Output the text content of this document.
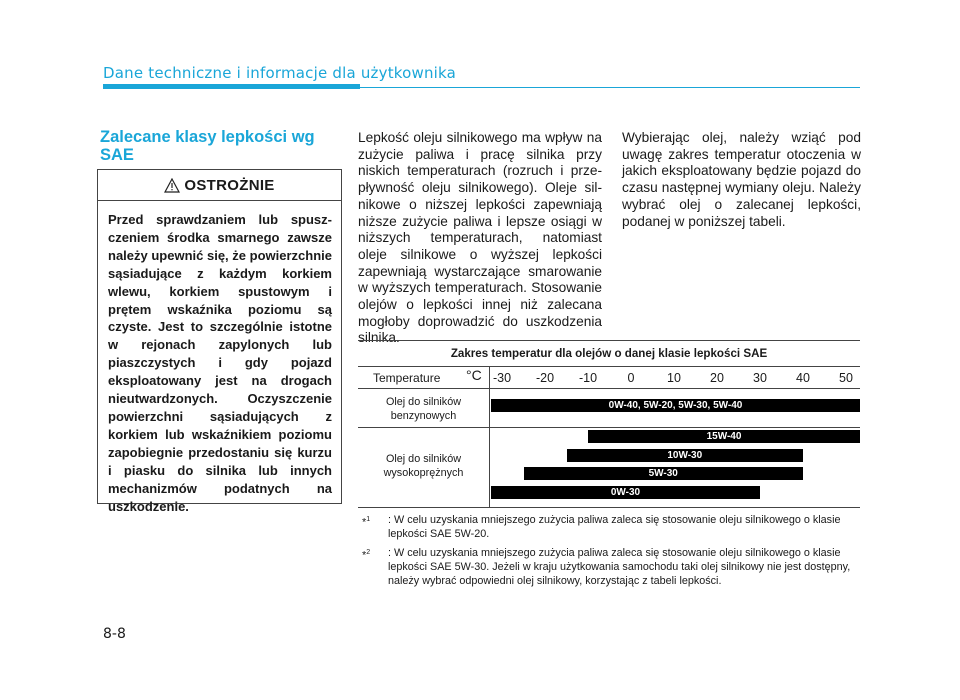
Dane techniczne i informacje dla użytkownika
Zalecane klasy lepkości wg SAE
OSTROŻNIE
Przed sprawdzaniem lub spuszczeniem środka smarnego zawsze należy upewnić się, że powierzchnie sąsiadujące z każdym korkiem wlewu, korkiem spustowym i prętem wskaźnika poziomu są czyste. Jest to szczególnie istotne w rejonach zapylonych lub piaszczystych i gdy pojazd eksploatowany jest na drogach nieutwardzonych. Oczyszczenie powierzchni sąsiadujących z korkiem lub wskaźnikiem poziomu zapobiegnie przedostaniu się kurzu i piasku do silnika lub innych mechanizmów podatnych na uszkodzenie.
Lepkość oleju silnikowego ma wpływ na zużycie paliwa i pracę silnika przy niskich temperaturach (rozruch i przepływność oleju silnikowego). Oleje silnikowe o niższej lepkości zapewniają niższe zużycie paliwa i lepsze osiągi w niższych temperaturach, natomiast oleje silnikowe o wyższej lepkości zapewniają wystarczające smarowanie w wyższych temperaturach. Stosowanie olejów o lepkości innej niż zalecana mogłoby doprowadzić do uszkodzenia silnika.
Wybierając olej, należy wziąć pod uwagę zakres temperatur otoczenia w jakich eksploatowany będzie pojazd do czasu następnej wymiany oleju. Należy wybrać olej o zalecanej lepkości, podanej w poniższej tabeli.
Zakres temperatur dla olejów o danej klasie lepkości SAE
Temperature °C
Olej do silników benzynowych
Olej do silników wysokoprężnych
-30 -20 -10 0	10 20 30 40 50
0W-40, 5W-20, 5W-30, 5W-40
15W-40
10W-30
5W-30
0W-30
*$^1$ : W celu uzyskania mniejszego zużycia paliwa zaleca się stosowanie oleju silnikowego o klasie lepkości SAE 5W-20.
*$^2$ : W celu uzyskania mniejszego zużycia paliwa zaleca się stosowanie oleju silnikowego o klasie lepkości SAE 5W-30. Jeżeli w kraju użytkowania samochodu taki olej silnikowy nie jest dostępny, należy wybrać odpowiedni olej silnikowy, korzystając z tabeli lepkości.
8-8
